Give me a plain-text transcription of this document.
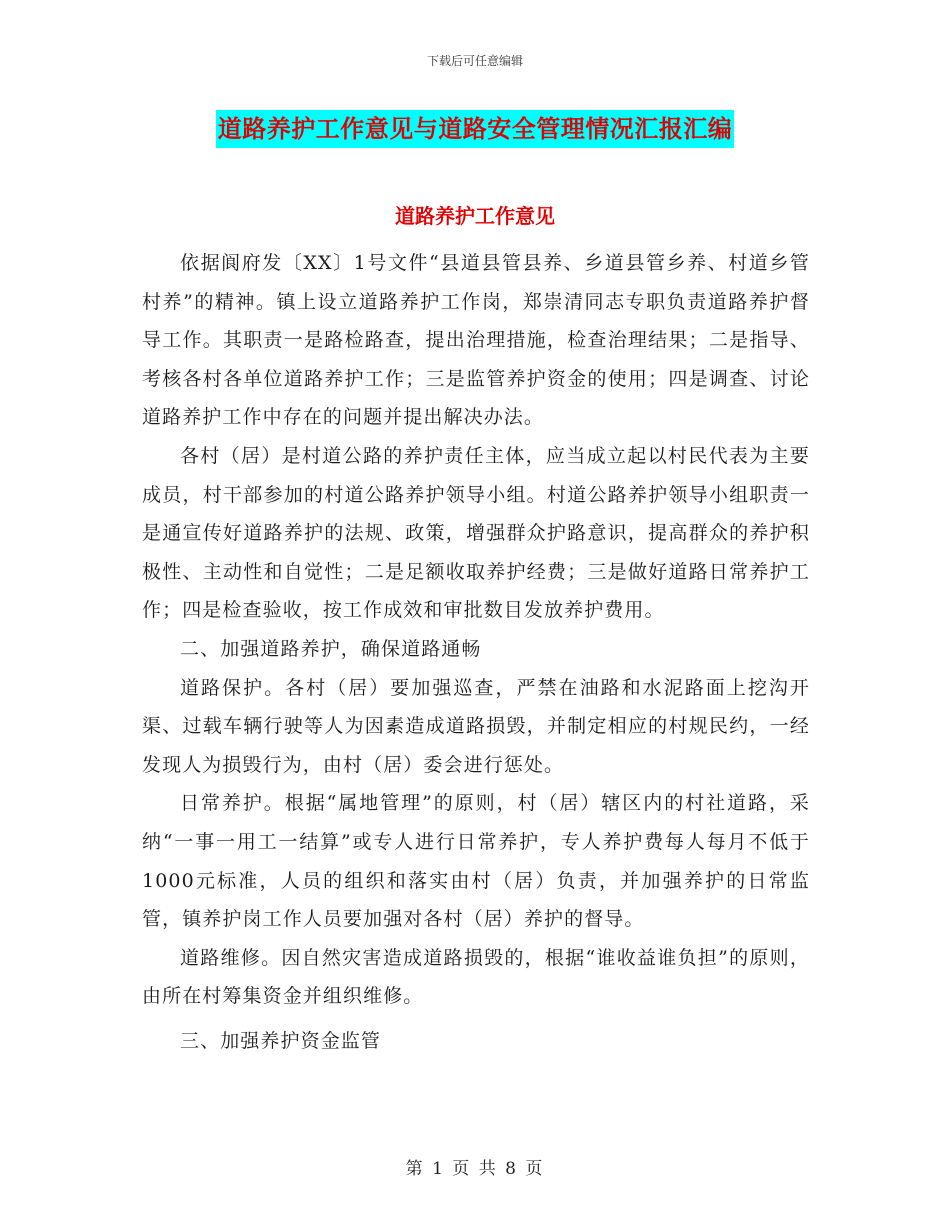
下载后可任意编辑
道路养护工作意见与道路安全管理情况汇报汇编
道路养护工作意见

依据阆府发〔XX〕1号文件“县道县管县养、乡道县管乡养、村道乡管村养”的精神。镇上设立道路养护工作岗，郑崇清同志专职负责道路养护督导工作。其职责一是路检路查，提出治理措施，检查治理结果；二是指导、考核各村各单位道路养护工作；三是监管养护资金的使用；四是调查、讨论道路养护工作中存在的问题并提出解决办法。

各村（居）是村道公路的养护责任主体，应当成立起以村民代表为主要成员，村干部参加的村道公路养护领导小组。村道公路养护领导小组职责一是通宣传好道路养护的法规、政策，增强群众护路意识，提高群众的养护积极性、主动性和自觉性；二是足额收取养护经费；三是做好道路日常养护工作；四是检查验收，按工作成效和审批数目发放养护费用。

二、加强道路养护，确保道路通畅

道路保护。各村（居）要加强巡查，严禁在油路和水泥路面上挖沟开渠、过载车辆行驶等人为因素造成道路损毁，并制定相应的村规民约，一经发现人为损毁行为，由村（居）委会进行惩处。

日常养护。根据“属地管理”的原则，村（居）辖区内的村社道路，采纳“一事一用工一结算”或专人进行日常养护，专人养护费每人每月不低于1000元标准，人员的组织和落实由村（居）负责，并加强养护的日常监管，镇养护岗工作人员要加强对各村（居）养护的督导。

道路维修。因自然灾害造成道路损毁的，根据“谁收益谁负担”的原则，由所在村筹集资金并组织维修。

三、加强养护资金监管

第 1 页 共 8 页
